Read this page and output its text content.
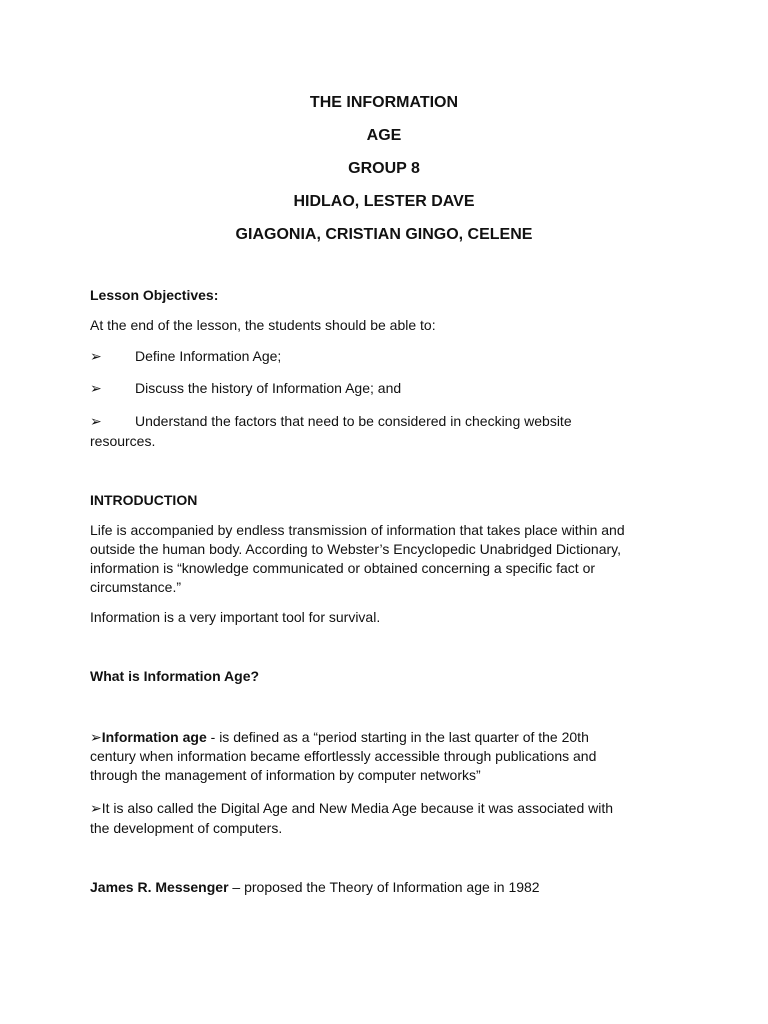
THE INFORMATION
AGE
GROUP 8
HIDLAO, LESTER DAVE
GIAGONIA, CRISTIAN GINGO, CELENE
Lesson Objectives:
At the end of the lesson, the students should be able to:
➢ Define Information Age;
➢ Discuss the history of Information Age; and
➢ Understand the factors that need to be considered in checking website
resources.
INTRODUCTION
Life is accompanied by endless transmission of information that takes place within and
outside the human body. According to Webster’s Encyclopedic Unabridged Dictionary,
information is “knowledge communicated or obtained concerning a specific fact or
circumstance.”
Information is a very important tool for survival.
What is Information Age?
➢Information age - is defined as a “period starting in the last quarter of the 20th
century when information became effortlessly accessible through publications and
through the management of information by computer networks”
➢It is also called the Digital Age and New Media Age because it was associated with
the development of computers.
James R. Messenger – proposed the Theory of Information age in 1982
